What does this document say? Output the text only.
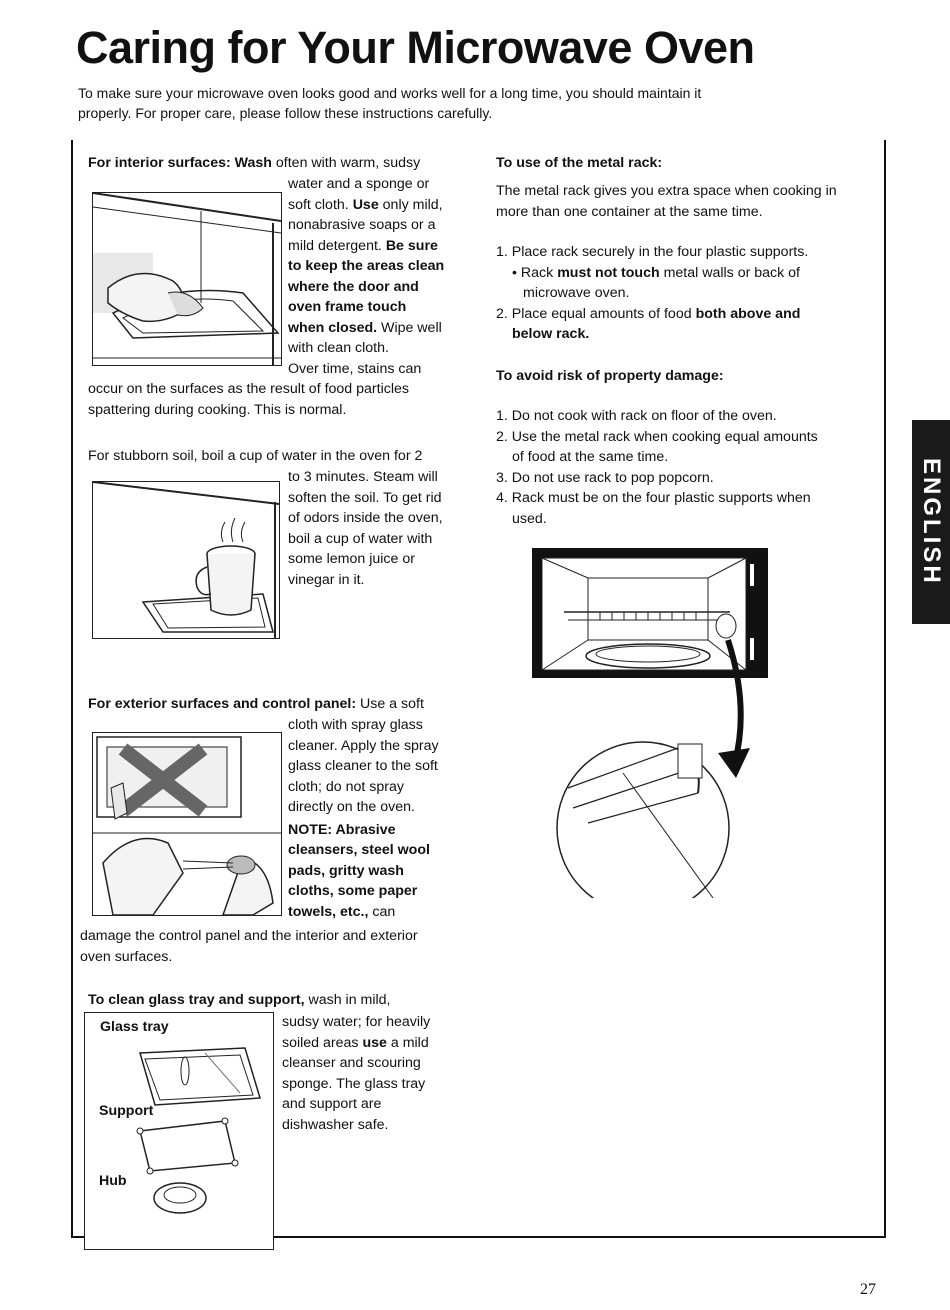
Caring for Your Microwave Oven
To make sure your microwave oven looks good and works well for a long time, you should maintain it properly. For proper care, please follow these instructions carefully.
For interior surfaces: Wash often with warm, sudsy
water and a sponge or
soft cloth. Use only mild,
nonabrasive soaps or a
mild detergent. Be sure
to keep the areas clean
where the door and
oven frame touch
when closed. Wipe well
with clean cloth.
Over time, stains can
occur on the surfaces as the result of food particles
spattering during cooking. This is normal.
For stubborn soil, boil a cup of water in the oven for 2
to 3 minutes. Steam will
soften the soil. To get rid
of odors inside the oven,
boil a cup of water with
some lemon juice or
vinegar in it.
For exterior surfaces and control panel: Use a soft
cloth with spray glass
cleaner. Apply the spray
glass cleaner to the soft
cloth; do not spray
directly on the oven.
NOTE: Abrasive
cleansers, steel wool
pads, gritty wash
cloths, some paper
towels, etc., can
damage the control panel and the interior and exterior
oven surfaces.
To clean glass tray and support, wash in mild,
sudsy water; for heavily
soiled areas use a mild
cleanser and scouring
sponge. The glass tray
and support are
dishwasher safe.
Glass tray
Support
Hub
To use of the metal rack:
The metal rack gives you extra space when cooking in more than one container at the same time.
1. Place rack securely in the four plastic supports.
• Rack must not touch metal walls or back of
microwave oven.
2. Place equal amounts of food both above and
below rack.
To avoid risk of property damage:
1. Do not cook with rack on floor of the oven.
2. Use the metal rack when cooking equal amounts
of food at the same time.
3. Do not use rack to pop popcorn.
4. Rack must be on the four plastic supports when
used.	ENGLISH
27
